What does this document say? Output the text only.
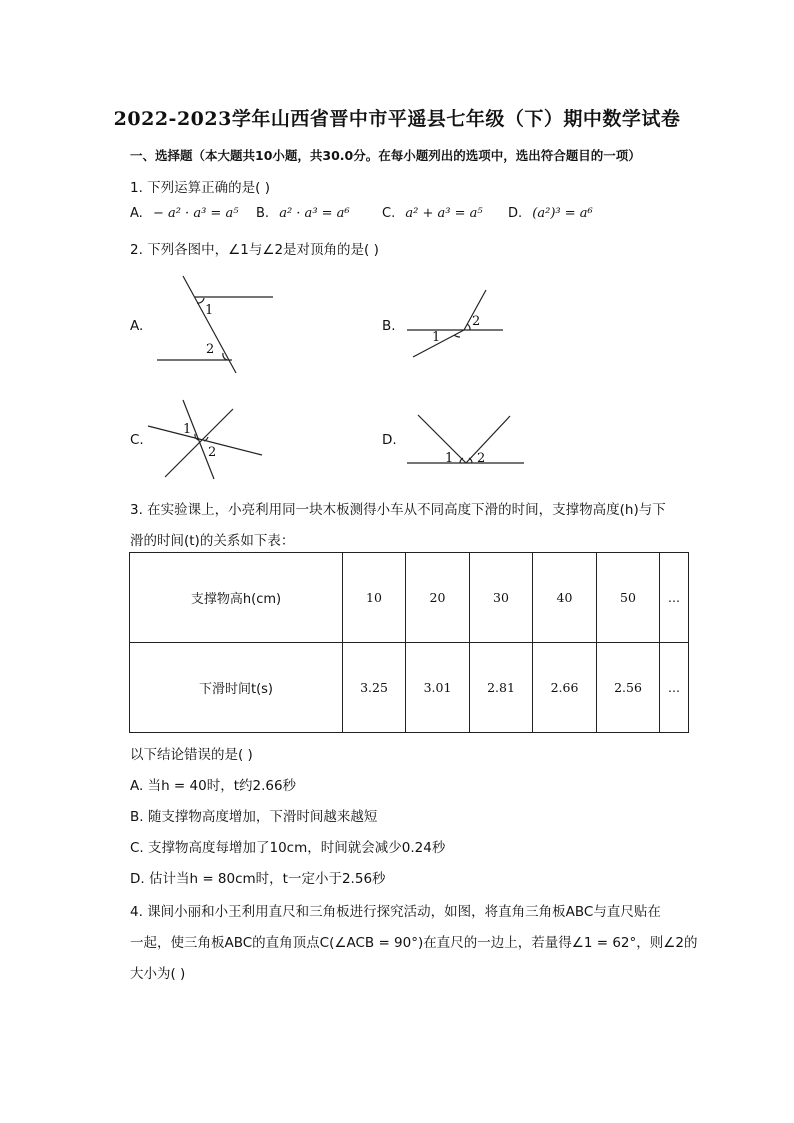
2022-2023学年山西省晋中市平遥县七年级（下）期中数学试卷
一、选择题（本大题共10小题，共30.0分。在每小题列出的选项中，选出符合题目的一项）
1. 下列运算正确的是( )
A. − a² · a³ = a⁵ B. a² · a³ = a⁶ C. a² + a³ = a⁵ D. (a²)³ = a⁶
2. 下列各图中，∠1与∠2是对顶角的是( )
A.	B.
C.	D.
1
2
1
2
1
2	1 2
3. 在实验课上，小亮利用同一块木板测得小车从不同高度下滑的时间，支撑物高度(h)与下
滑的时间(t)的关系如下表：
支撑物高h(cm)	10	20	30	40	50	...
下滑时间t(s)	3.25	3.01	2.81	2.66	2.56	...
以下结论错误的是( )
A. 当h = 40时，t约2.66秒
B. 随支撑物高度增加，下滑时间越来越短
C. 支撑物高度每增加了10cm，时间就会减少0.24秒
D. 估计当h = 80cm时，t一定小于2.56秒
4. 课间小丽和小王利用直尺和三角板进行探究活动，如图，将直角三角板ABC与直尺贴在
一起，使三角板ABC的直角顶点C(∠ACB = 90°)在直尺的一边上，若量得∠1 = 62°，则∠2的
大小为( )
